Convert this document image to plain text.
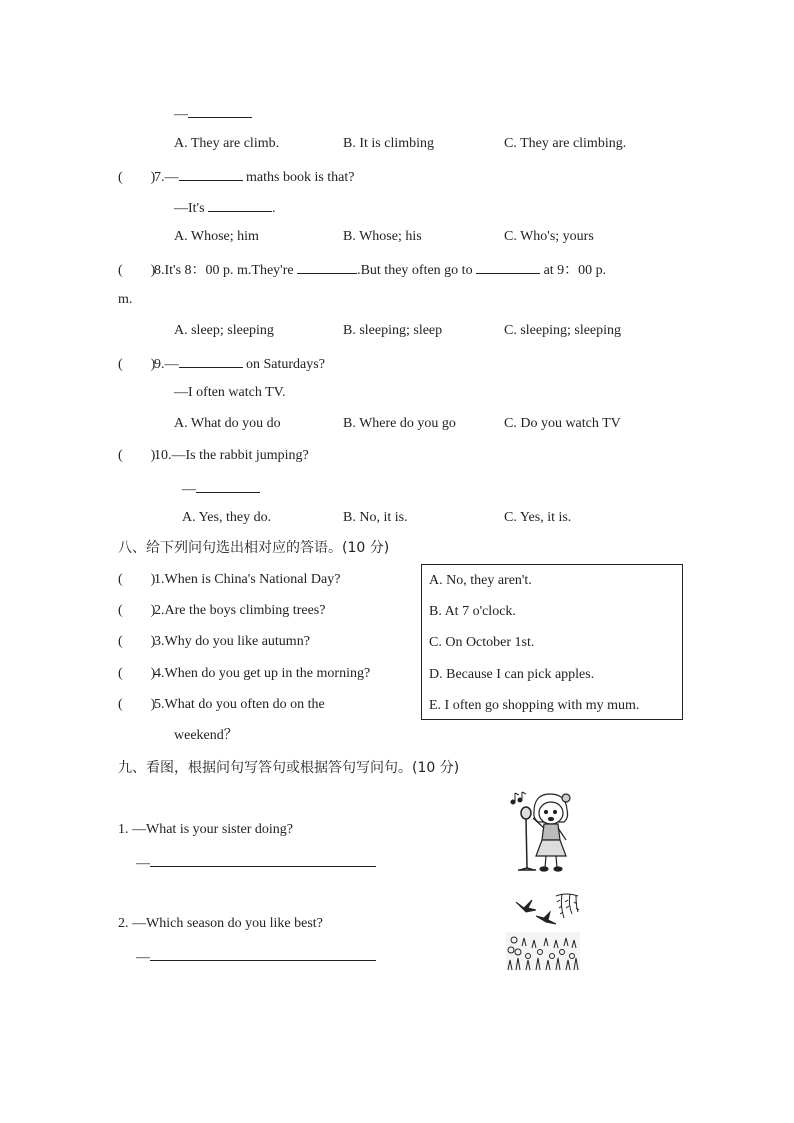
—
A. They are climb.	B. It is climbing	C. They are climbing.
( )7.—	maths book is that?
—It's	.
A. Whose; him	B. Whose; his	C. Who's; yours
( )8.It's 8：00 p. m.They're	.But they often go to	at 9：00 p.
m.
A. sleep; sleeping	B. sleeping; sleep	C. sleeping; sleeping
( )9.—	on Saturdays?
—I often watch TV.
A. What do you do	B. Where do you go	C. Do you watch TV
( )10.—Is the rabbit jumping?
—
A. Yes, they do.	B. No, it is.	C. Yes, it is.
八、给下列问句选出相对应的答语。(10 分)
( )1.When is China's National Day?
( )2.Are the boys climbing trees?
( )3.Why do you like autumn?
( )4.When do you get up in the morning?
( )5.What do you often do on the
weekend？
A. No, they aren't.
B. At 7 o'clock.
C. On October 1st.
D. Because I can pick apples.
E. I often go shopping with my mum.
九、看图，根据问句写答句或根据答句写问句。(10 分)
1. —What is your sister doing?
—
2. —Which season do you like best?
—
